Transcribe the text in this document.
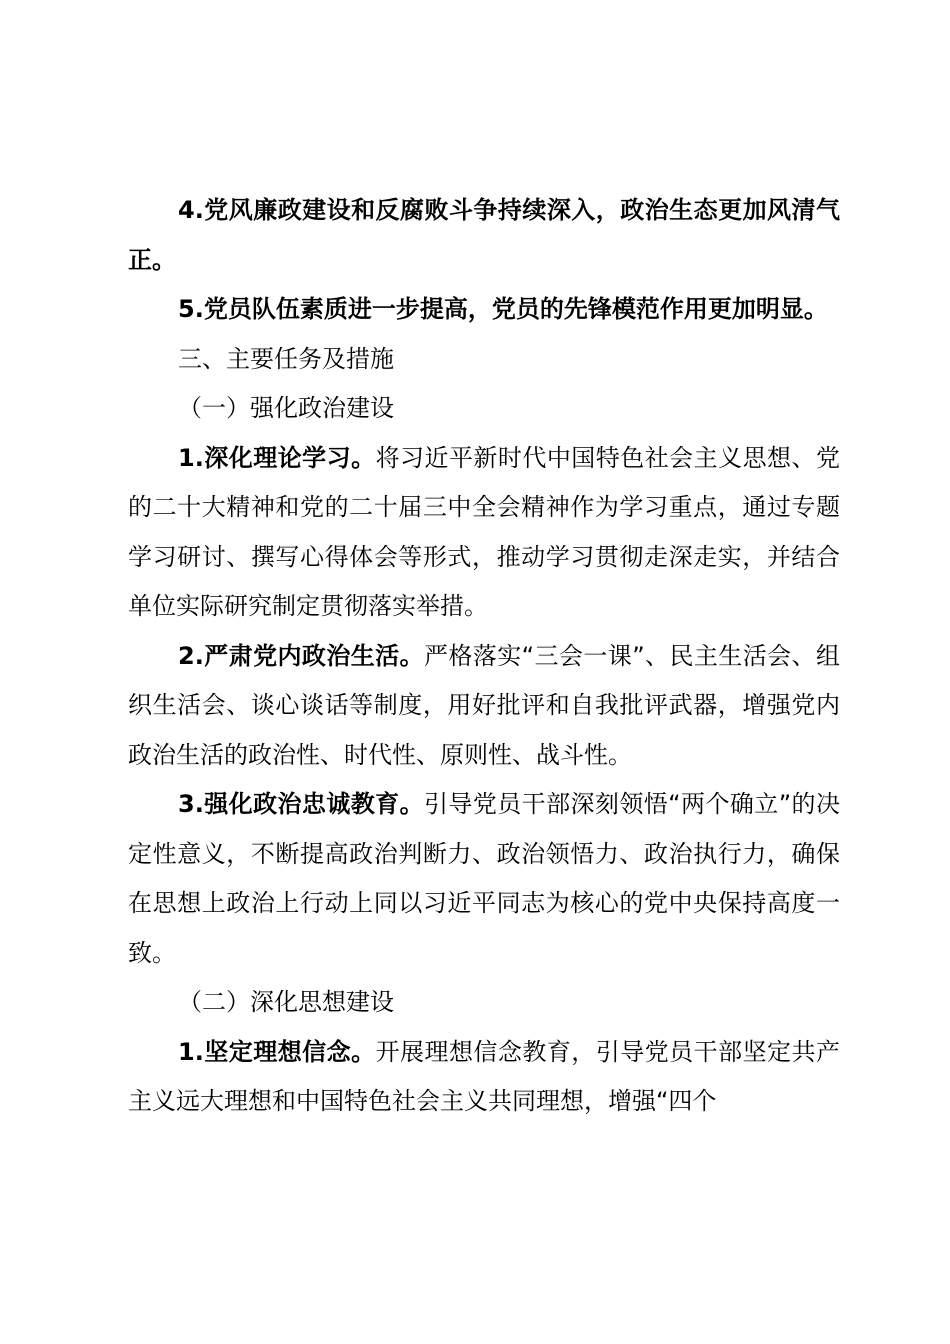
4.党风廉政建设和反腐败斗争持续深入，政治生态更加风清气正。

5.党员队伍素质进一步提高，党员的先锋模范作用更加明显。

三、主要任务及措施

（一）强化政治建设

1.深化理论学习。将习近平新时代中国特色社会主义思想、党的二十大精神和党的二十届三中全会精神作为学习重点，通过专题学习研讨、撰写心得体会等形式，推动学习贯彻走深走实，并结合单位实际研究制定贯彻落实举措。

2.严肃党内政治生活。严格落实“三会一课”、民主生活会、组织生活会、谈心谈话等制度，用好批评和自我批评武器，增强党内政治生活的政治性、时代性、原则性、战斗性。

3.强化政治忠诚教育。引导党员干部深刻领悟“两个确立”的决定性意义，不断提高政治判断力、政治领悟力、政治执行力，确保在思想上政治上行动上同以习近平同志为核心的党中央保持高度一致。

（二）深化思想建设

1.坚定理想信念。开展理想信念教育，引导党员干部坚定共产主义远大理想和中国特色社会主义共同理想，增强“四个
